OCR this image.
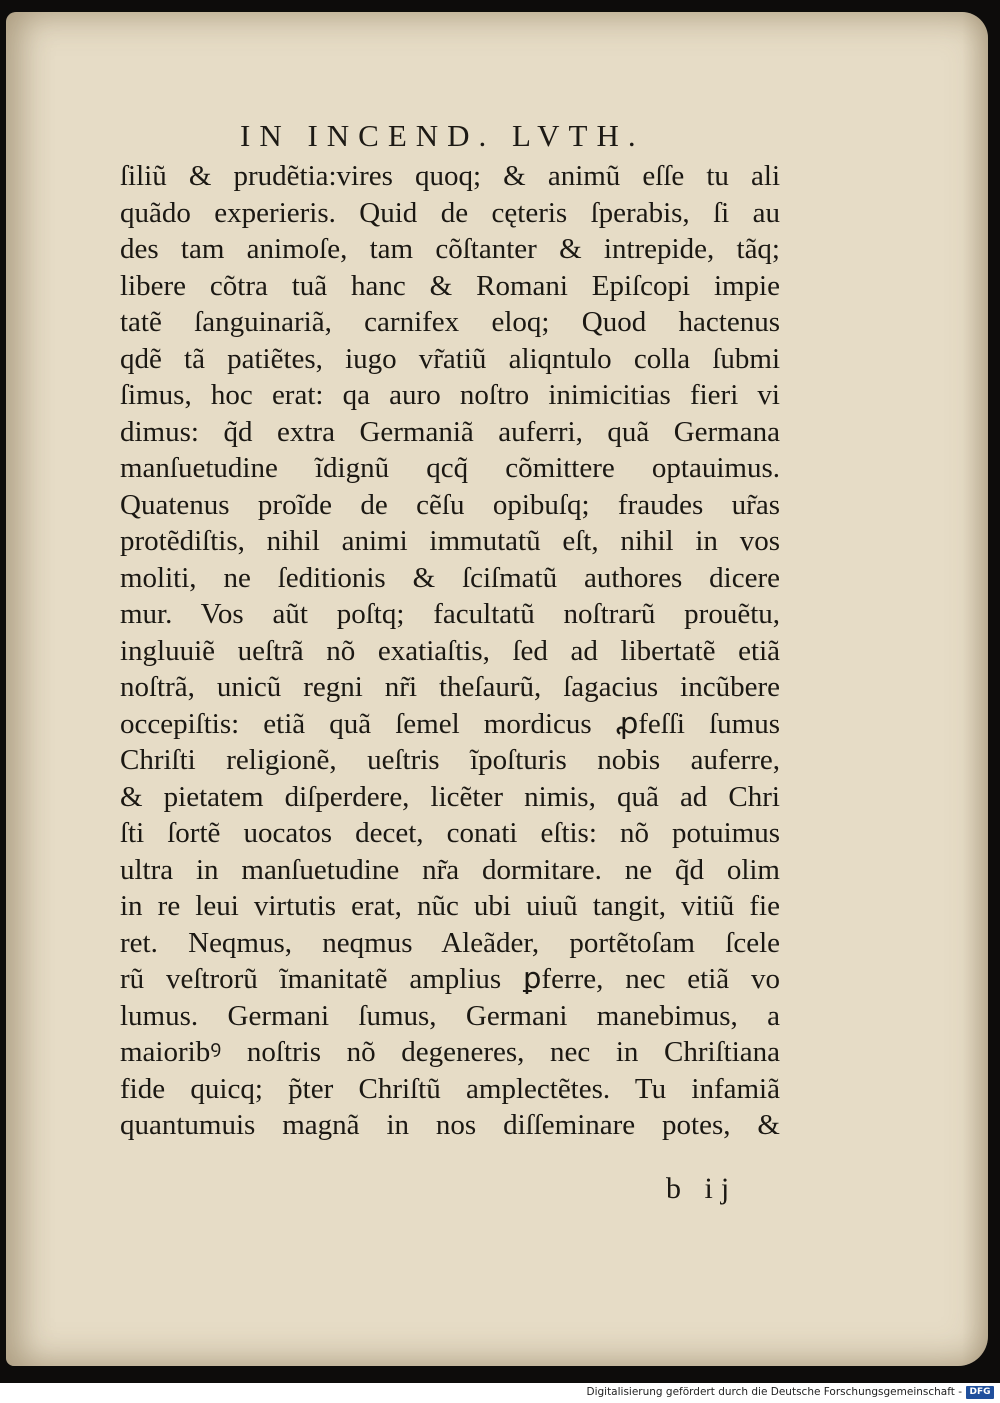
IN INCEND. LVTH.
ſiliũ & prudẽtia:vires quoq; & animũ eſſe tu ali
quãdo experieris. Quid de cęteris ſperabis, ſi au
des tam animoſe, tam cõſtanter & intrepide, tãq;
libere cõtra tuã hanc & Romani Epiſcopi impie
tatẽ ſanguinariã, carnifex eloq; Quod hactenus
qdẽ tã patiẽtes, iugo vr̃atiũ aliqntulo colla ſubmi
ſimus, hoc erat: qa auro noſtro inimicitias fieri vi
dimus: q̃d extra Germaniã auferri, quã Germana
manſuetudine ĩdignũ qcq̃ cõmittere optauimus.
Quatenus proĩde de cẽſu opibuſq; fraudes ur̃as
protẽdiſtis, nihil animi immutatũ eſt, nihil in vos
moliti, ne ſeditionis & ſciſmatũ authores dicere
mur. Vos aũt poſtq; facultatũ noſtrarũ prouẽtu,
ingluuiẽ ueſtrã nõ exatiaſtis, ſed ad libertatẽ etiã
noſtrã, unicũ regni nr̃i theſaurũ, ſagacius incũbere
occepiſtis: etiã quã ſemel mordicus ꝓfeſſi ſumus
Chriſti religionẽ, ueſtris ĩpoſturis nobis auferre,
& pietatem diſperdere, licẽter nimis, quã ad Chri
ſti ſortẽ uocatos decet, conati eſtis: nõ potuimus
ultra in manſuetudine nr̃a dormitare. ne q̃d olim
in re leui virtutis erat, nũc ubi uiuũ tangit, vitiũ fie
ret. Neqmus, neqmus Aleãder, portẽtoſam ſcele
rũ veſtrorũ ĩmanitatẽ amplius ꝑferre, nec etiã vo
lumus. Germani ſumus, Germani manebimus, a
maioribꝰ noſtris nõ degeneres, nec in Chriſtiana
fide quicq; p̃ter Chriſtũ amplectẽtes. Tu infamiã
quantumuis magnã in nos diſſeminare potes, &
b ij
Digitalisierung gefördert durch die Deutsche Forschungsgemeinschaft - DFG
